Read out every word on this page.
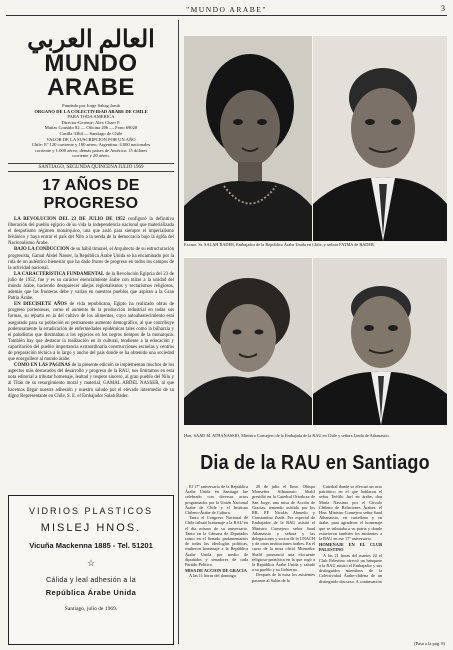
"MUNDO ARABE"	3
العالم العربي
MUNDO ARABE
Fundado por Jorge Sabag Jarub
ORGANO DE LA COLECTIVIDAD ARABE DE CHILE
PARA TODA AMERICA
Director-Gerente: Alex Chaer F.
Matías Cousiño 82 — Oficina 206 — Fono 69020
Casilla 3364 — Santiago de Chile
VALOR DE LA SUSCRIPCION POR UN AÑO
Chile: Eº 120 corriente y 180 aéreo; Argentina: 4.000 nacionales
corriente y 1.000 aéreo; demás países de América: 15 dólares
corriente y 20 aéreo.
SANTIAGO, SEGUNDA QUINCENA JULIO 1969
17 AÑOS DE PROGRESO

LA REVOLUCION DEL 23 DE JULIO DE 1952 configuró la definitiva liberación del pueblo egipcio de su vida la independencia nacional que materializada el despotismo régimen monárquico, una que aisló para siempre el imperialismo británico y haya entrar el país del Nilo a la senda de la democracia bajo la égida del Nacionalismo Árabe.

BAJO LA CONDUCCION de su hábil timonel, el Arquitecto de su estructuración progresista, Gamal Abdel Nasser, la República Árabe Unida se ha encaminado por la ruta de un auténtico bienestar que ha dado frutos de progreso en todos los campos de la actividad nacional.

LA CARACTERISTICA FUNDAMENTAL de la Revolución Egipcia del 23 de julio de 1952, fue y es su carácter esencialmente árabe con miras a la unidad del mundo árabe, haciendo desaparecer añejas regionalismos y sectarismos religiosos, además que las fronteras debe y varían en nuestros pueblos que aspiran a la Gran Patria Árabe.

EN DIECISIETE AÑOS de vida republicana, Egipto ha realizado obras de progreso portentosas, como el aumento de la producción industrial en todas sus formas, su reparto en la del cultivo de los alimentos, cuyo autoabastecimiento está asegurado para su población en permanente aumento demográfico, al que contribuye poderosamente la erradicación de enfermedades epidémicas tales como la bilharzia y el paludismo que diezmaban a los egipcios en los negros tiempos de la monarquía. También hay que destacar la realización en lo cultural, tendiente a la educación y capacitación del pueblo importancia extraordinaria construcciones escuelas y centros de preparación técnica a lo largo y ancho del país donde se ha obtenido una sociedad que enorgullece al mundo árabe.

COMO EN LAS PAGINAS de la presente edición se implementan muchos de los aspectos más destacados del desarrollo y progreso de la RAU, nos limitamos en esta nota editorial a tributar homenaje, lealtad y respeto sincero, al gran pueblo del Nilo y al Titán de su resurgimiento moral y material, GAMAL ABDEL NASSER, al que hacemos llegar nuestra adhesión y nuestro saludo por el elevado intermedio de su digno Representante en Chile, S. E. el Embajador Salah Bader.

VIDRIOS PLASTICOS
MISLEJ HNOS.
Vicuña Mackenna 1885 - Tel. 51201
☆
Cálida y leal adhesión a la
República Árabe Unida
Santiago, julio de 1969.
Excmo. Sr. SALAH BADER, Embajador de la República Árabe Unida en Chile, y señora FATMA de BADER.
Hon. SAAD M. ATHANASSIO, Ministro Consejero de la Embajada de la RAU en Chile y señora Linda de Athanassio.
Dia de la RAU en Santiago

El 17º aniversario de la República Árabe Unida en Santiago fue celebrado con diversas actos programados por la Unión Nacional Árabe de Chile y el Instituto Chileno-Árabe de Cultura.

Tanto el Congreso Nacional de Chile tributó homenaje a la RAU en el día mismo de su aniversario. Tanto en la Cámara de Diputados como en el Senado parlamentarios de todas las ideologías políticas, rindieron homenaje a la República Árabe Unida por medio de diputados y senadores de cada Partido Político.

MISA DE ACCION DE GRACIA

A las 11 horas del domingo

20 de julio el Ilmo. Obispo Monseñor Athanassio Shalif presidió en la Catedral Ortodoxa de San Jorge, una misa de Acción de Gracias, teniendo asistido por los RR. PP. Nicolás Ahmedo y Constantino Ziade. Por especial de Embajador de la RAU asistió el Ministro Consejero señor Saad Athanassio y señora y las delegaciones y socios de la UNACH y de otras instituciones árabes. En el curso de la misa ofició Monseñor Shalif pronunció una elocuente religioso-patriótica en la que rogó a la República Árabe Unida y saludó a su pueblo y su Gobierno.

Después de la misa los asistentes pasaron al Salón de la

Catedral donde se efectuó un acto patriótico en el que hablaron el señor Teófilo Jurí en árabe, don María Nassimo por el Círculo Chileno de Relaciones Árabes. el Hon. Ministro Consejero señor Saad Athanassio, en castellano y en árabe, para agradecer el homenaje que se tributaba a su patria y donde estuvieron también los asistentes a la RAU en ese 17º aniversario.

HOMENAJE EN EL CLUB PALESTINO

A las 21 horas del martes 22 el Club Palestino ofreció un banquete a la RAU asistió el Embajador y sus distinguidos miembros de la Colectividad Árabe-chilena de un distinguido discurso. A continuación

(Pasa a la pág. 8)
